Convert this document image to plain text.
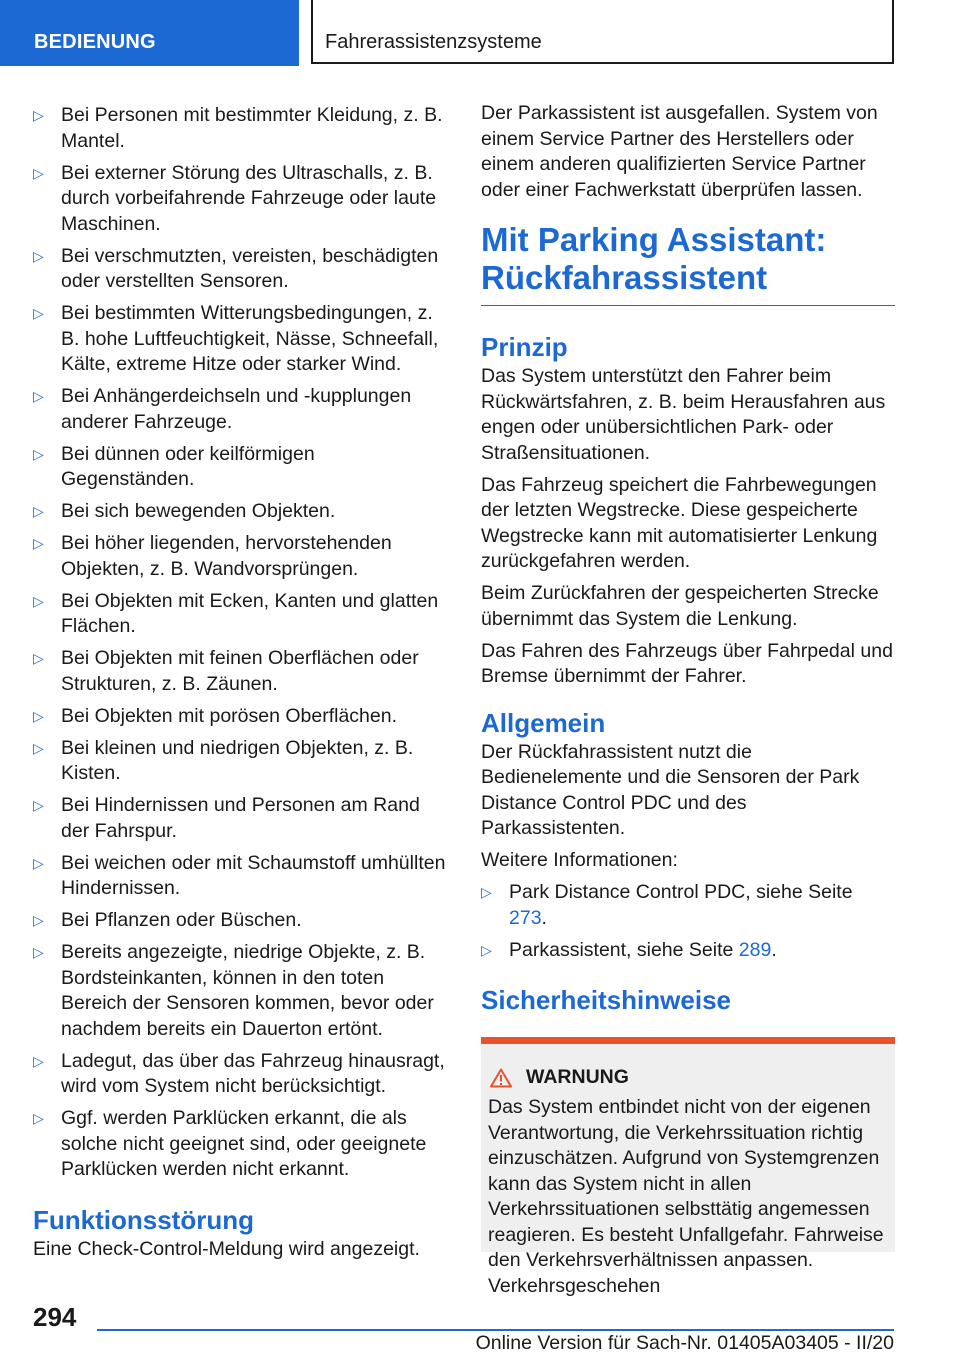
BEDIENUNG	Fahrerassistenzsysteme
▷ Bei Personen mit bestimmter Kleidung, z. B. Mantel.
▷ Bei externer Störung des Ultraschalls, z. B. durch vorbeifahrende Fahrzeuge oder laute Maschinen.
▷ Bei verschmutzten, vereisten, beschädigten oder verstellten Sensoren.
▷ Bei bestimmten Witterungsbedingungen, z. B. hohe Luftfeuchtigkeit, Nässe, Schneefall, Kälte, extreme Hitze oder starker Wind.
▷ Bei Anhängerdeichseln und -kupplungen anderer Fahrzeuge.
▷ Bei dünnen oder keilförmigen Gegenständen.
▷ Bei sich bewegenden Objekten.
▷ Bei höher liegenden, hervorstehenden Objekten, z. B. Wandvorsprüngen.
▷ Bei Objekten mit Ecken, Kanten und glatten Flächen.
▷ Bei Objekten mit feinen Oberflächen oder Strukturen, z. B. Zäunen.
▷ Bei Objekten mit porösen Oberflächen.
▷ Bei kleinen und niedrigen Objekten, z. B. Kisten.
▷ Bei Hindernissen und Personen am Rand der Fahrspur.
▷ Bei weichen oder mit Schaumstoff umhüllten Hindernissen.
▷ Bei Pflanzen oder Büschen.
▷ Bereits angezeigte, niedrige Objekte, z. B. Bordsteinkanten, können in den toten Bereich der Sensoren kommen, bevor oder nachdem bereits ein Dauerton ertönt.
▷ Ladegut, das über das Fahrzeug hinausragt, wird vom System nicht berücksichtigt.
▷ Ggf. werden Parklücken erkannt, die als solche nicht geeignet sind, oder geeignete Parklücken werden nicht erkannt.
Funktionsstörung

Eine Check-Control-Meldung wird angezeigt.

Der Parkassistent ist ausgefallen. System von einem Service Partner des Herstellers oder einem anderen qualifizierten Service Partner oder einer Fachwerkstatt überprüfen lassen.

Mit Parking Assistant:
Rückfahrassistent
Prinzip

Das System unterstützt den Fahrer beim Rückwärtsfahren, z. B. beim Herausfahren aus engen oder unübersichtlichen Park- oder Straßensituationen.

Das Fahrzeug speichert die Fahrbewegungen der letzten Wegstrecke. Diese gespeicherte Wegstrecke kann mit automatisierter Lenkung zurückgefahren werden.

Beim Zurückfahren der gespeicherten Strecke übernimmt das System die Lenkung.

Das Fahren des Fahrzeugs über Fahrpedal und Bremse übernimmt der Fahrer.

Allgemein

Der Rückfahrassistent nutzt die Bedienelemente und die Sensoren der Park Distance Control PDC und des Parkassistenten.

Weitere Informationen:

▷ Park Distance Control PDC, siehe Seite 273.
▷ Parkassistent, siehe Seite 289.
Sicherheitshinweise
WARNUNG

Das System entbindet nicht von der eigenen Verantwortung, die Verkehrssituation richtig einzuschätzen. Aufgrund von Systemgrenzen kann das System nicht in allen Verkehrssituationen selbsttätig angemessen reagieren. Es besteht Unfallgefahr. Fahrweise den Verkehrsverhältnissen anpassen. Verkehrsgeschehen

294
Online Version für Sach-Nr. 01405A03405 - II/20
